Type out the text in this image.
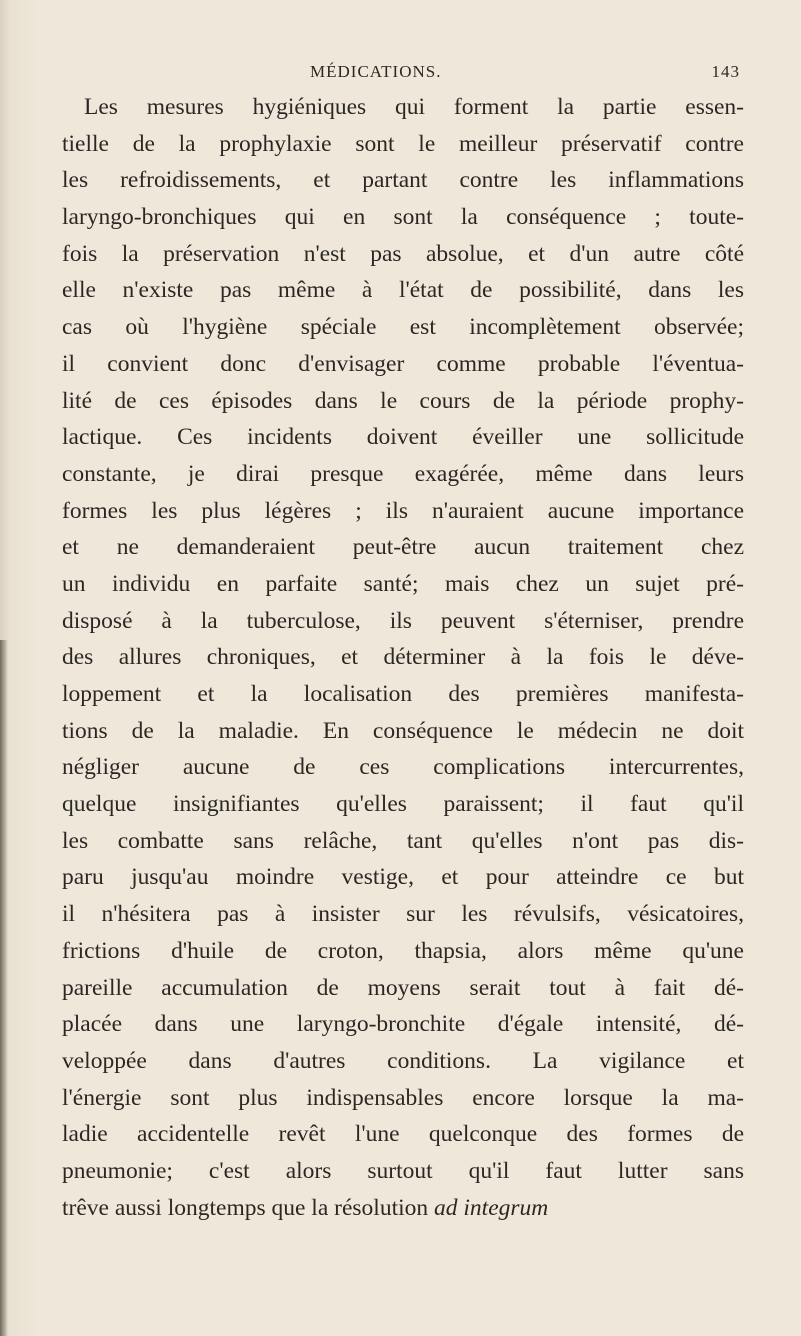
MÉDICATIONS.	143
Les mesures hygiéniques qui forment la partie essen-
tielle de la prophylaxie sont le meilleur préservatif contre
les refroidissements, et partant contre les inflammations
laryngo-bronchiques qui en sont la conséquence ; toute-
fois la préservation n'est pas absolue, et d'un autre côté
elle n'existe pas même à l'état de possibilité, dans les
cas où l'hygiène spéciale est incomplètement observée;
il convient donc d'envisager comme probable l'éventua-
lité de ces épisodes dans le cours de la période prophy-
lactique. Ces incidents doivent éveiller une sollicitude
constante, je dirai presque exagérée, même dans leurs
formes les plus légères ; ils n'auraient aucune importance
et ne demanderaient peut-être aucun traitement chez
un individu en parfaite santé; mais chez un sujet pré-
disposé à la tuberculose, ils peuvent s'éterniser, prendre
des allures chroniques, et déterminer à la fois le déve-
loppement et la localisation des premières manifesta-
tions de la maladie. En conséquence le médecin ne doit
négliger aucune de ces complications intercurrentes,
quelque insignifiantes qu'elles paraissent; il faut qu'il
les combatte sans relâche, tant qu'elles n'ont pas dis-
paru jusqu'au moindre vestige, et pour atteindre ce but
il n'hésitera pas à insister sur les révulsifs, vésicatoires,
frictions d'huile de croton, thapsia, alors même qu'une
pareille accumulation de moyens serait tout à fait dé-
placée dans une laryngo-bronchite d'égale intensité, dé-
veloppée dans d'autres conditions. La vigilance et
l'énergie sont plus indispensables encore lorsque la ma-
ladie accidentelle revêt l'une quelconque des formes de
pneumonie; c'est alors surtout qu'il faut lutter sans
trêve aussi longtemps que la résolution ad integrum
